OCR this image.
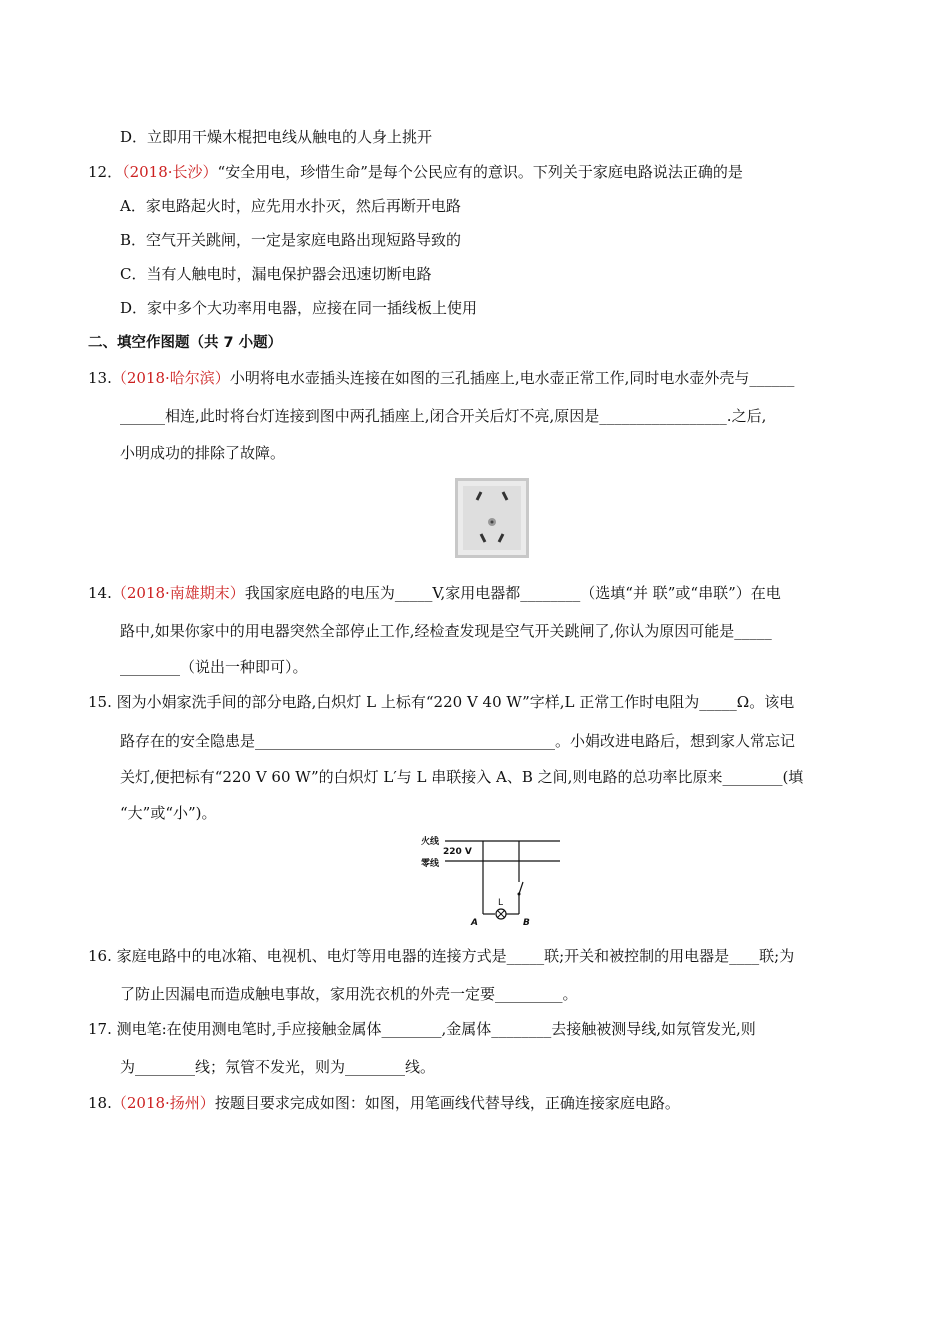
D．立即用干燥木棍把电线从触电的人身上挑开
12．（2018·长沙）“安全用电，珍惜生命”是每个公民应有的意识。下列关于家庭电路说法正确的是
A．家电路起火时，应先用水扑灭，然后再断开电路
B．空气开关跳闸，一定是家庭电路出现短路导致的
C．当有人触电时，漏电保护器会迅速切断电路
D．家中多个大功率用电器，应接在同一插线板上使用
二、填空作图题（共 7 小题）
13.（2018·哈尔滨）小明将电水壶插头连接在如图的三孔插座上,电水壶正常工作,同时电水壶外壳与______
______相连,此时将台灯连接到图中两孔插座上,闭合开关后灯不亮,原因是_________________.之后,
小明成功的排除了故障。
14.（2018·南雄期末）我国家庭电路的电压为_____V,家用电器都________（选填“并 联”或“串联”）在电
路中,如果你家中的用电器突然全部停止工作,经检查发现是空气开关跳闸了,你认为原因可能是_____
________（说出一种即可）。
15. 图为小娟家洗手间的部分电路,白炽灯 L 上标有“220 V 40 W”字样,L 正常工作时电阻为_____Ω。该电
路存在的安全隐患是________________________________________。小娟改进电路后，想到家人常忘记
关灯,便把标有“220 V 60 W”的白炽灯 L′与 L 串联接入 A、B 之间,则电路的总功率比原来________(填
“大”或“小”)。
火线
220 V
零线
L
A	B
16. 家庭电路中的电冰箱、电视机、电灯等用电器的连接方式是_____联;开关和被控制的用电器是____联;为
了防止因漏电而造成触电事故，家用洗衣机的外壳一定要_________。
17. 测电笔:在使用测电笔时,手应接触金属体________,金属体________去接触被测导线,如氖管发光,则
为________线；氖管不发光，则为________线。
18.（2018·扬州）按题目要求完成如图：如图，用笔画线代替导线，正确连接家庭电路。
